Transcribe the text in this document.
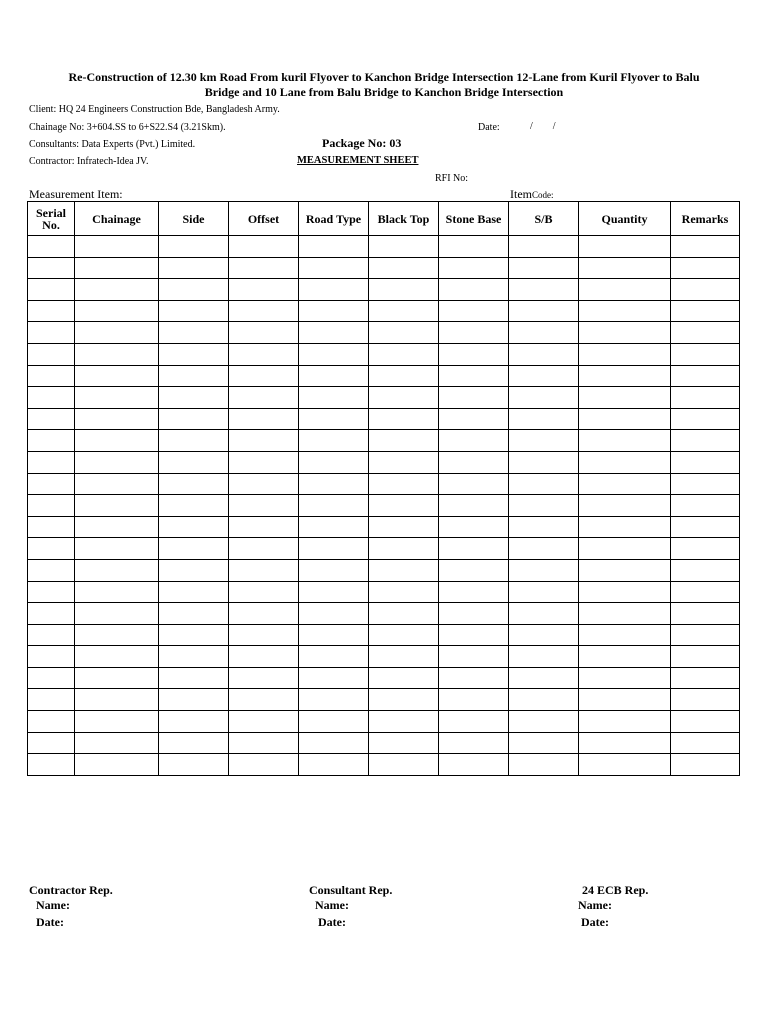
Re-Construction of 12.30 km Road From kuril Flyover to Kanchon Bridge Intersection 12-Lane from Kuril Flyover to Balu
Bridge and 10 Lane from Balu Bridge to Kanchon Bridge Intersection
Client: HQ 24 Engineers Construction Bde, Bangladesh Army.
Chainage No: 3+604.SS to 6+S22.S4 (3.21Skm).	Date:	/        /
Consultants: Data Experts (Pvt.) Limited.	Package No: 03
Contractor: Infratech-Idea JV.	MEASUREMENT SHEET
RFI No:
Measurement Item:	ItemCode:
Serial No.	Chainage	Side	Offset	Road Type	Black Top	Stone Base	S/B	Quantity	Remarks

Contractor Rep.
Name:
Date:
Consultant Rep.
Name:
Date:
24 ECB Rep.
Name:
Date:
